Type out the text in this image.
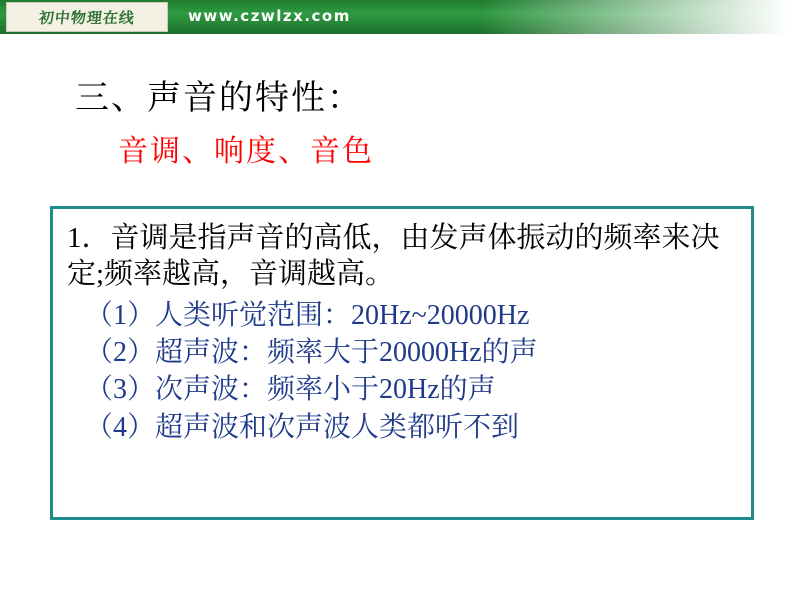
初中物理在线	www.czwlzx.com
三、声音的特性：
音调、响度、音色

1．音调是指声音的高低，由发声体振动的频率来决定;频率越高，音调越高。

（1）人类听觉范围：20Hz~20000Hz
（2）超声波：频率大于20000Hz的声
（3）次声波：频率小于20Hz的声
（4）超声波和次声波人类都听不到
